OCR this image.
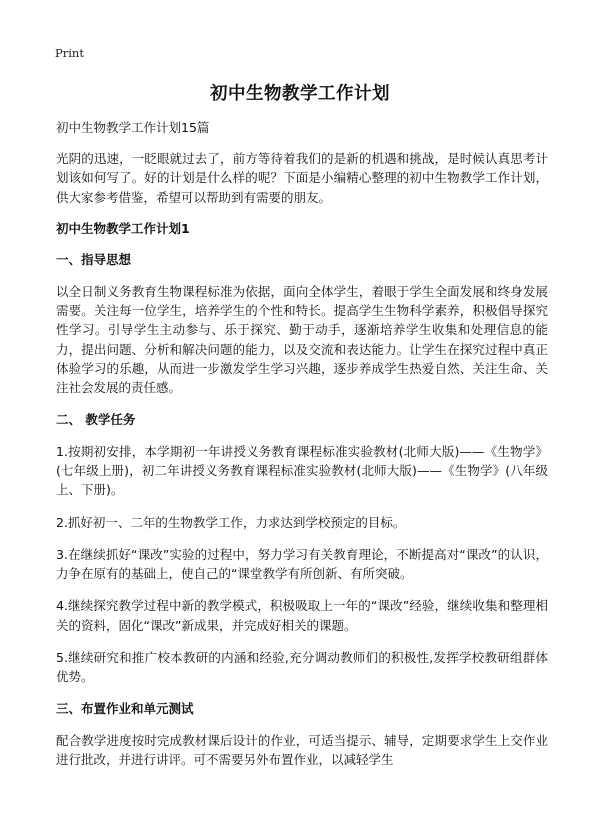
Print
初中生物教学工作计划

初中生物教学工作计划15篇

光阴的迅速，一眨眼就过去了，前方等待着我们的是新的机遇和挑战，是时候认真思考计划该如何写了。好的计划是什么样的呢？下面是小编精心整理的初中生物教学工作计划，供大家参考借鉴，希望可以帮助到有需要的朋友。

初中生物教学工作计划1

一、指导思想

以全日制义务教育生物课程标准为依据，面向全体学生，着眼于学生全面发展和终身发展需要。关注每一位学生，培养学生的个性和特长。提高学生生物科学素养，积极倡导探究性学习。引导学生主动参与、乐于探究、勤于动手，逐渐培养学生收集和处理信息的能力，提出问题、分析和解决问题的能力，以及交流和表达能力。让学生在探究过程中真正体验学习的乐趣，从而进一步激发学生学习兴趣，逐步养成学生热爱自然、关注生命、关注社会发展的责任感。

二、 教学任务

1.按期初安排，本学期初一年讲授义务教育课程标准实验教材(北师大版)——《生物学》(七年级上册)，初二年讲授义务教育课程标准实验教材(北师大版)——《生物学》(八年级上、下册)。

2.抓好初一、二年的生物教学工作，力求达到学校预定的目标。

3.在继续抓好“课改”实验的过程中，努力学习有关教育理论，不断提高对“课改”的认识，力争在原有的基础上，使自己的“课堂教学有所创新、有所突破。

4.继续探究教学过程中新的教学模式，积极吸取上一年的“课改”经验，继续收集和整理相关的资料，固化“课改”新成果，并完成好相关的课题。

5.继续研究和推广校本教研的内涵和经验,充分调动教师们的积极性,发挥学校教研组群体优势。

三、布置作业和单元测试

配合教学进度按时完成教材课后设计的作业，可适当提示、辅导，定期要求学生上交作业进行批改，并进行讲评。可不需要另外布置作业，以减轻学生
